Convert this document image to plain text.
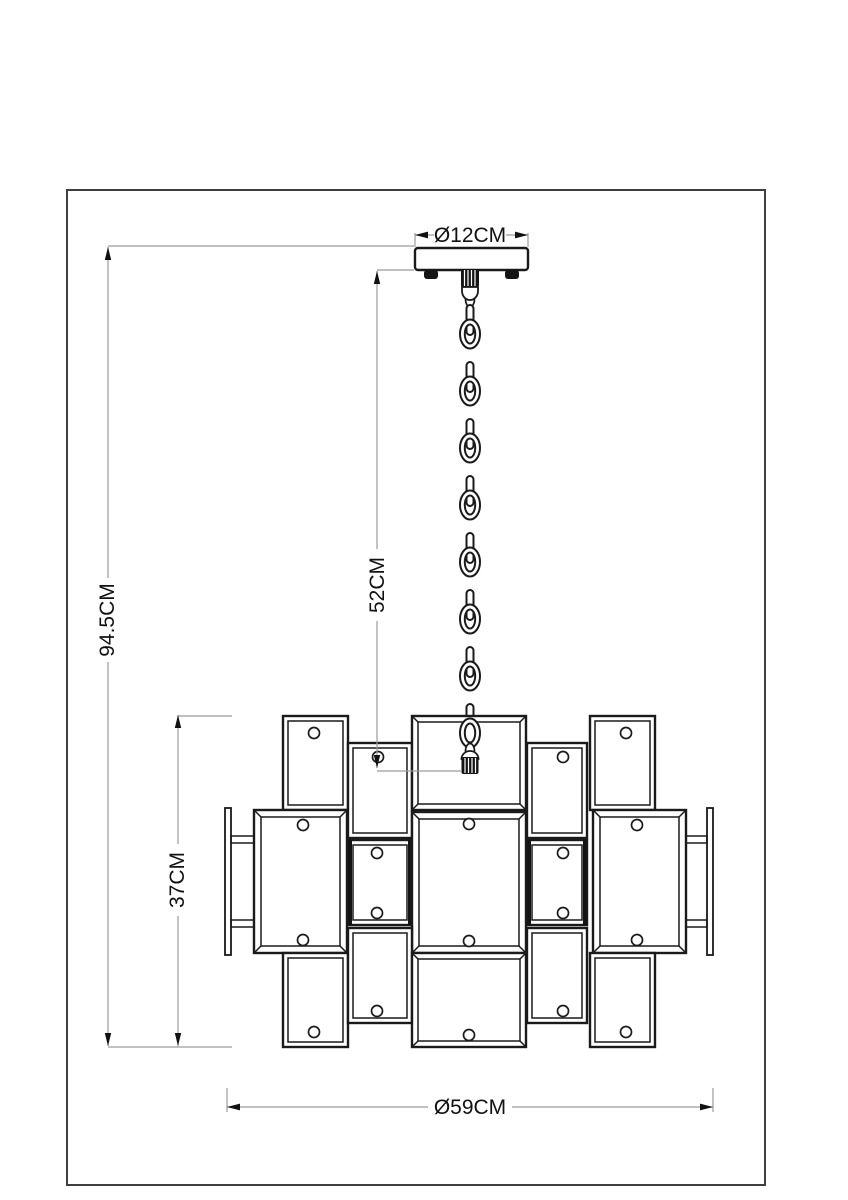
Ø12CM
94.5CM	52CM
37CM
Ø59CM
